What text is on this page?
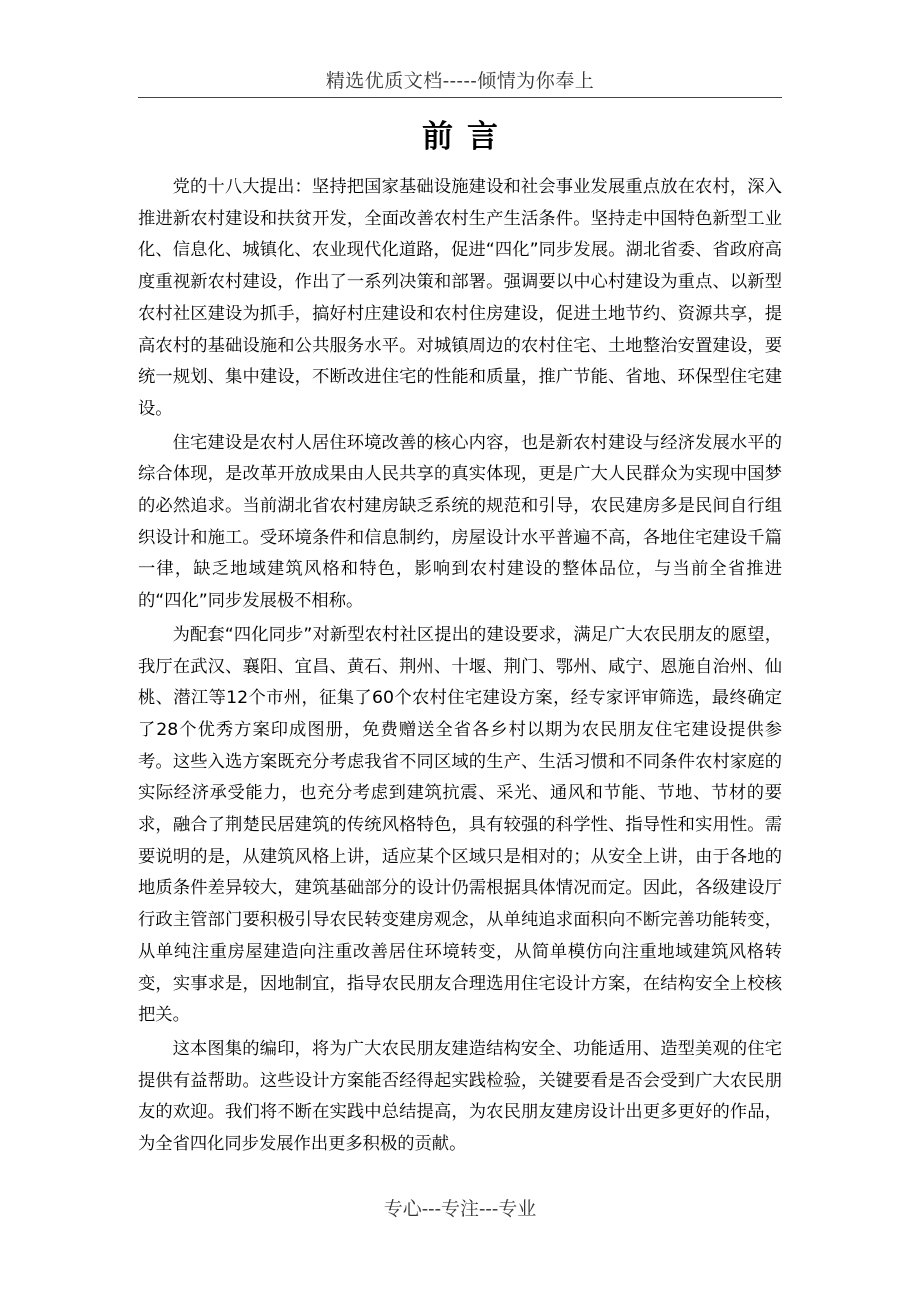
精选优质文档-----倾情为你奉上
前言

党的十八大提出：坚持把国家基础设施建设和社会事业发展重点放在农村，深入推进新农村建设和扶贫开发，全面改善农村生产生活条件。坚持走中国特色新型工业化、信息化、城镇化、农业现代化道路，促进“四化”同步发展。湖北省委、省政府高度重视新农村建设，作出了一系列决策和部署。强调要以中心村建设为重点、以新型农村社区建设为抓手，搞好村庄建设和农村住房建设，促进土地节约、资源共享，提高农村的基础设施和公共服务水平。对城镇周边的农村住宅、土地整治安置建设，要统一规划、集中建设，不断改进住宅的性能和质量，推广节能、省地、环保型住宅建设。

住宅建设是农村人居住环境改善的核心内容，也是新农村建设与经济发展水平的综合体现，是改革开放成果由人民共享的真实体现，更是广大人民群众为实现中国梦的必然追求。当前湖北省农村建房缺乏系统的规范和引导，农民建房多是民间自行组织设计和施工。受环境条件和信息制约，房屋设计水平普遍不高，各地住宅建设千篇一律，缺乏地域建筑风格和特色，影响到农村建设的整体品位，与当前全省推进的“四化”同步发展极不相称。

为配套“四化同步”对新型农村社区提出的建设要求，满足广大农民朋友的愿望，我厅在武汉、襄阳、宜昌、黄石、荆州、十堰、荆门、鄂州、咸宁、恩施自治州、仙桃、潜江等12个市州，征集了60个农村住宅建设方案，经专家评审筛选，最终确定了28个优秀方案印成图册，免费赠送全省各乡村以期为农民朋友住宅建设提供参考。这些入选方案既充分考虑我省不同区域的生产、生活习惯和不同条件农村家庭的实际经济承受能力，也充分考虑到建筑抗震、采光、通风和节能、节地、节材的要求，融合了荆楚民居建筑的传统风格特色，具有较强的科学性、指导性和实用性。需要说明的是，从建筑风格上讲，适应某个区域只是相对的；从安全上讲，由于各地的地质条件差异较大，建筑基础部分的设计仍需根据具体情况而定。因此，各级建设厅行政主管部门要积极引导农民转变建房观念，从单纯追求面积向不断完善功能转变，从单纯注重房屋建造向注重改善居住环境转变，从简单模仿向注重地域建筑风格转变，实事求是，因地制宜，指导农民朋友合理选用住宅设计方案，在结构安全上校核把关。

这本图集的编印，将为广大农民朋友建造结构安全、功能适用、造型美观的住宅提供有益帮助。这些设计方案能否经得起实践检验，关键要看是否会受到广大农民朋友的欢迎。我们将不断在实践中总结提高，为农民朋友建房设计出更多更好的作品，为全省四化同步发展作出更多积极的贡献。

专心---专注---专业
